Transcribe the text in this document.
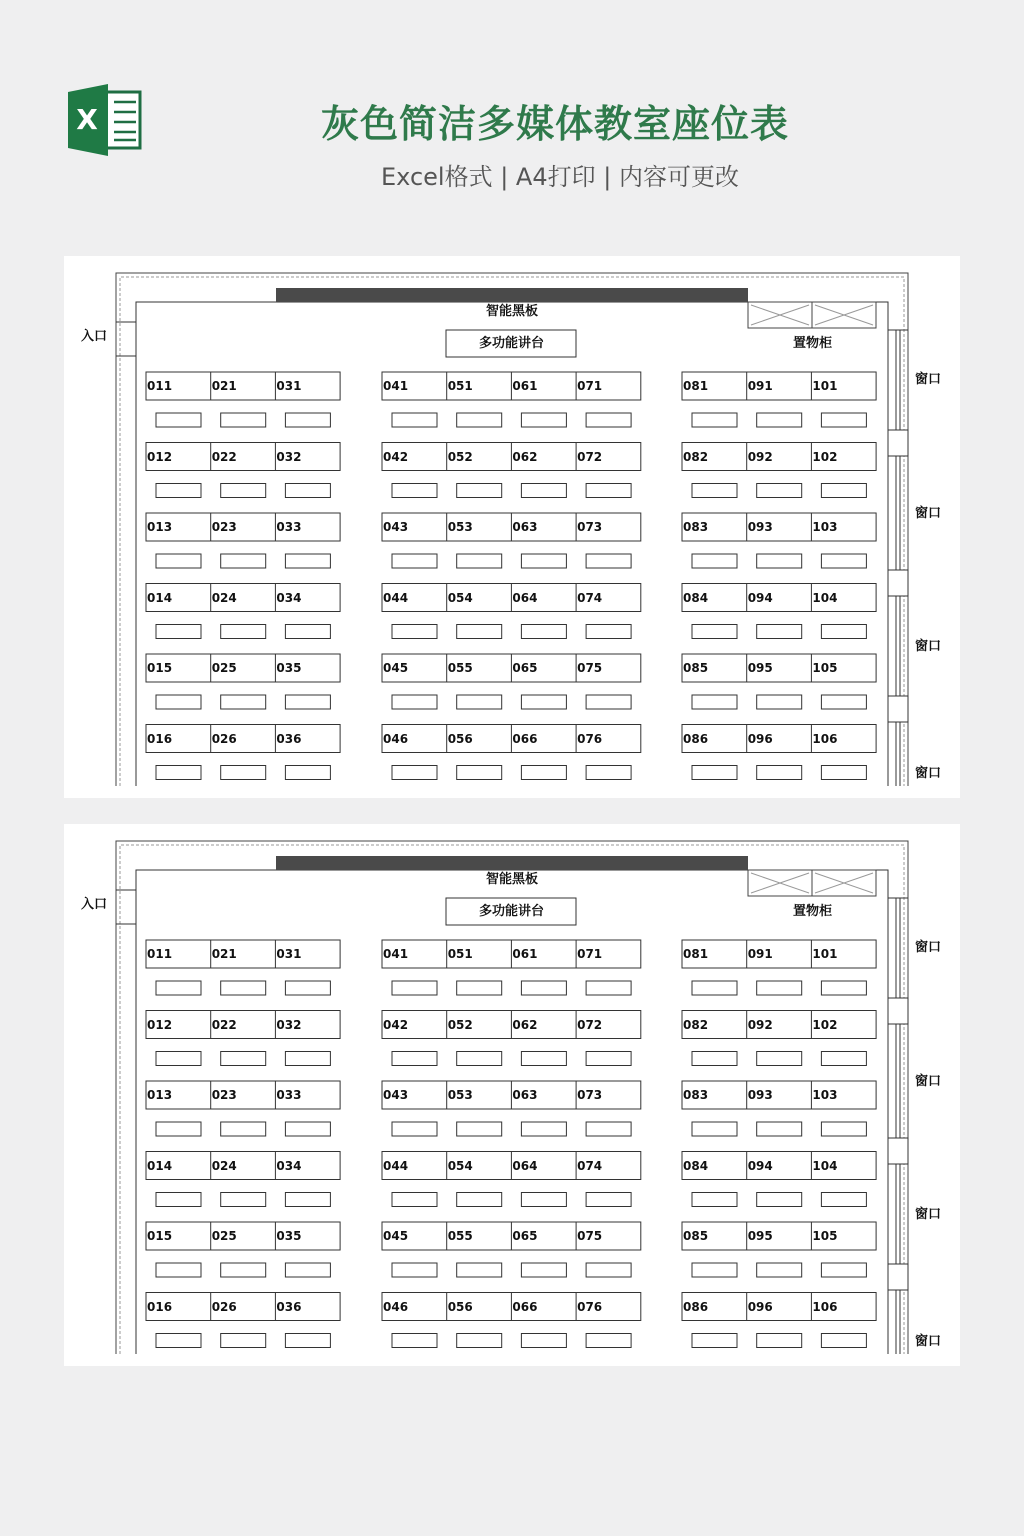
X	灰色简洁多媒体教室座位表
Excel格式 | A4打印 | 内容可更改
智能黑板
多功能讲台	置物柜
入口
窗口
窗口
窗口
窗口
011	021	031
012	022	032
013	023	033
014	024	034
015	025	035
016	026	036
041	051	061	071
042	052	062	072
043	053	063	073
044	054	064	074
045	055	065	075
046	056	066	076
081	091	101
082	092	102
083	093	103
084	094	104
085	095	105
086	096	106
智能黑板
多功能讲台	置物柜
入口
窗口
窗口
窗口
窗口
011	021	031
012	022	032
013	023	033
014	024	034
015	025	035
016	026	036
041	051	061	071
042	052	062	072
043	053	063	073
044	054	064	074
045	055	065	075
046	056	066	076
081	091	101
082	092	102
083	093	103
084	094	104
085	095	105
086	096	106
